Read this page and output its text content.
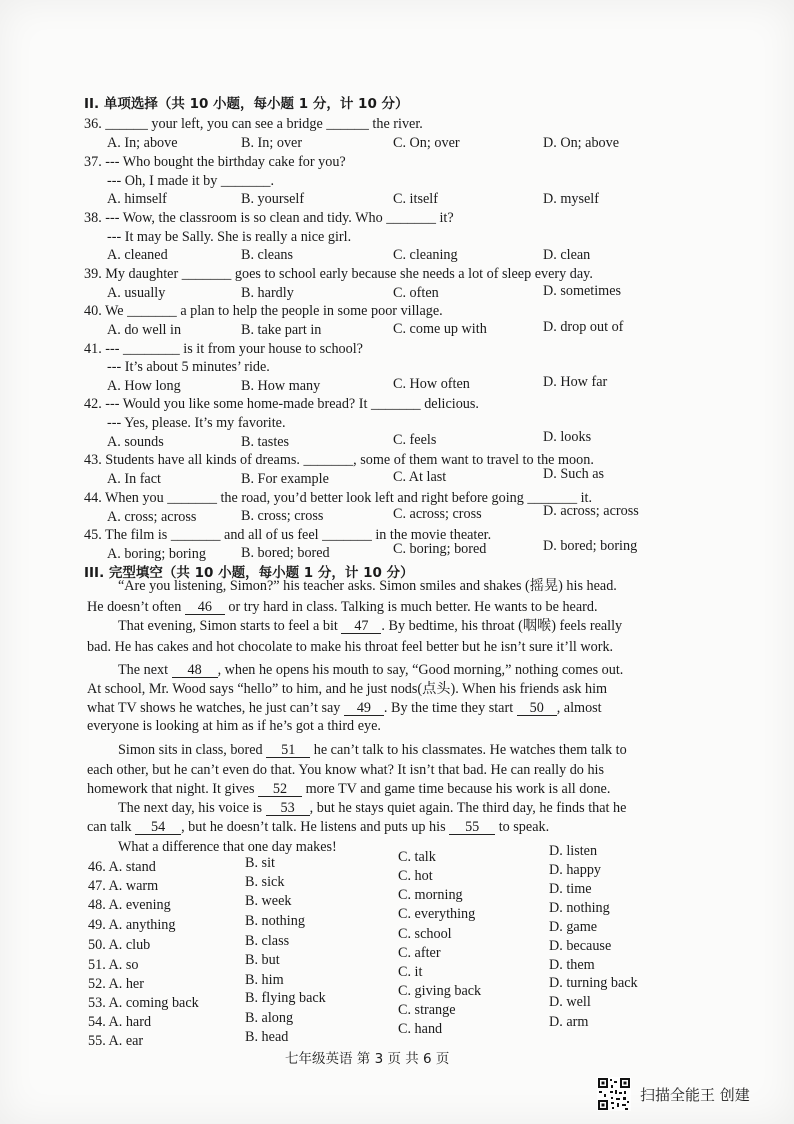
II. 单项选择（共 10 小题，每小题 1 分，计 10 分）
36. ______ your left, you can see a bridge ______ the river.
A. In; above	B. In; over	C. On; over	D. On; above
37. --- Who bought the birthday cake for you?
--- Oh, I made it by _______.
A. himself	B. yourself	C. itself	D. myself
38. --- Wow, the classroom is so clean and tidy. Who _______ it?
--- It may be Sally. She is really a nice girl.
A. cleaned	B. cleans	C. cleaning	D. clean
39. My daughter _______ goes to school early because she needs a lot of sleep every day.
A. usually	B. hardly	C. often	D. sometimes
40. We _______ a plan to help the people in some poor village.
A. do well in	B. take part in	C. come up with	D. drop out of
41. --- ________ is it from your house to school?
--- It’s about 5 minutes’ ride.
A. How long	B. How many	C. How often	D. How far
42. --- Would you like some home-made bread? It _______ delicious.
--- Yes, please. It’s my favorite.
A. sounds	B. tastes	C. feels	D. looks
43. Students have all kinds of dreams. _______, some of them want to travel to the moon.
A. In fact	B. For example	C. At last	D. Such as
44. When you _______ the road, you’d better look left and right before going _______ it.
A. cross; across	B. cross; cross	C. across; cross	D. across; across
45. The film is _______ and all of us feel _______ in the movie theater.
A. boring; boring B. bored; bored	C. boring; bored	D. bored; boring
III. 完型填空（共 10 小题，每小题 1 分，计 10 分）
“Are you listening, Simon?” his teacher asks. Simon smiles and shakes (摇晃) his head.
He doesn’t often 46 or try hard in class. Talking is much better. He wants to be heard.
That evening, Simon starts to feel a bit 47 . By bedtime, his throat (咽喉) feels really
bad. He has cakes and hot chocolate to make his throat feel better but he isn’t sure it’ll work.
The next 48 , when he opens his mouth to say, “Good morning,” nothing comes out.
At school, Mr. Wood says “hello” to him, and he just nods(点头). When his friends ask him
what TV shows he watches, he just can’t say 49 . By the time they start 50 , almost
everyone is looking at him as if he’s got a third eye.
Simon sits in class, bored 51 he can’t talk to his classmates. He watches them talk to
each other, but he can’t even do that. You know what? It isn’t that bad. He can really do his
homework that night. It gives 52 more TV and game time because his work is all done.
The next day, his voice is 53 , but he stays quiet again. The third day, he finds that he
can talk 54 , but he doesn’t talk. He listens and puts up his 55 to speak.
What a difference that one day makes!
46. A. stand	B. sit	C. talk	D. listen
47. A. warm	B. sick	C. hot	D. happy
48. A. evening	B. week	C. morning	D. time
49. A. anything	B. nothing	C. everything	D. nothing
50. A. club	B. class	C. school	D. game
51. A. so	B. but	C. after	D. because
52. A. her	B. him	C. it	D. them
53. A. coming back	B. flying back	C. giving back	D. turning back
54. A. hard	B. along	C. strange	D. well
55. A. ear	B. head	C. hand	D. arm
七年级英语 第 3 页 共 6 页
扫描全能王 创建
